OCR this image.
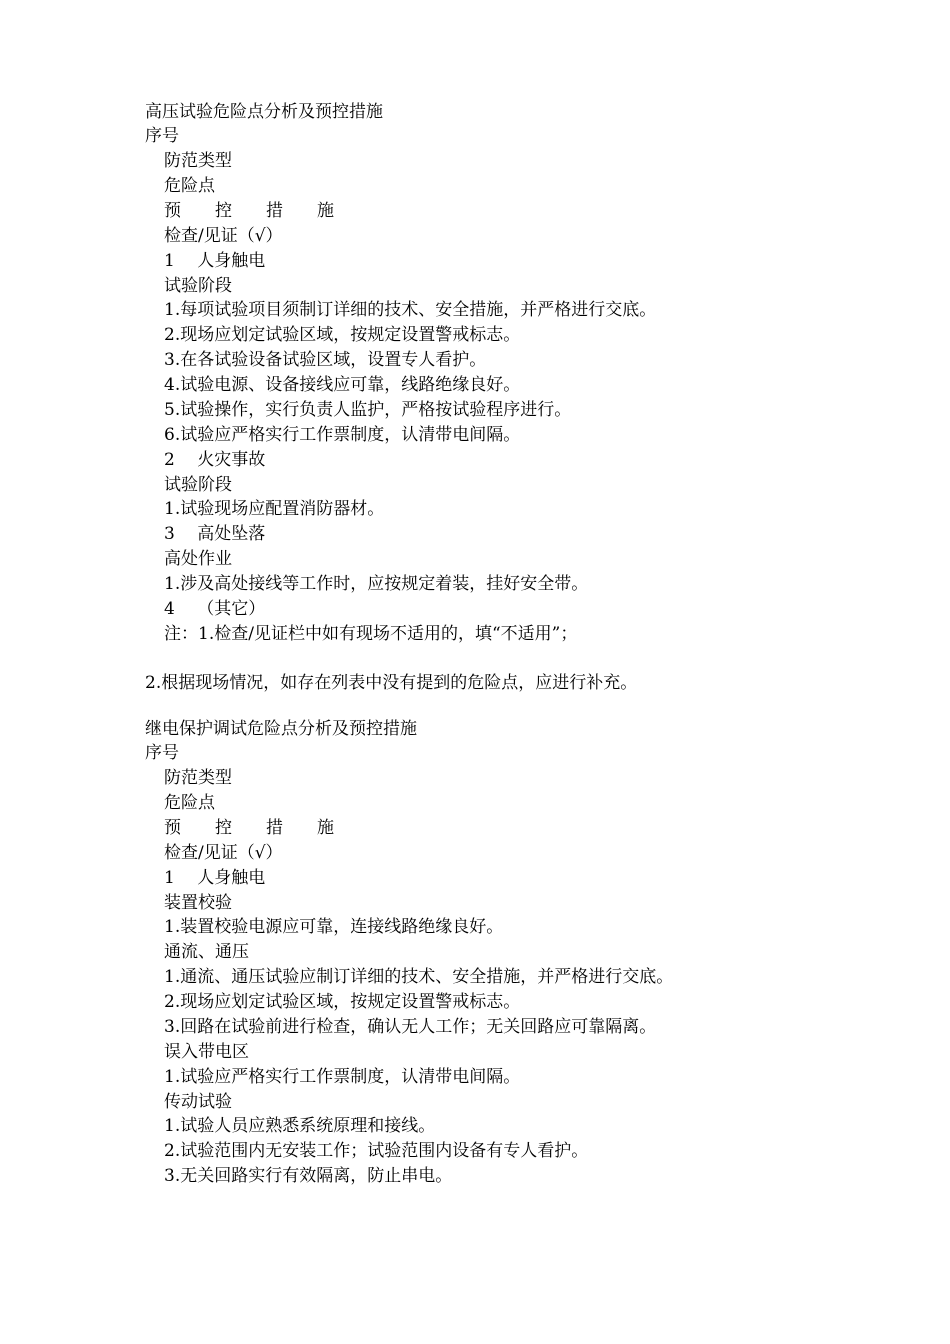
高压试验危险点分析及预控措施
序号
防范类型
危险点
预　　控　　措　　施
检查/见证（√）
1　 人身触电
试验阶段
1.每项试验项目须制订详细的技术、安全措施，并严格进行交底。
2.现场应划定试验区域，按规定设置警戒标志。
3.在各试验设备试验区域，设置专人看护。
4.试验电源、设备接线应可靠，线路绝缘良好。
5.试验操作，实行负责人监护，严格按试验程序进行。
6.试验应严格实行工作票制度，认清带电间隔。
2　 火灾事故
试验阶段
1.试验现场应配置消防器材。
3　 高处坠落
高处作业
1.涉及高处接线等工作时，应按规定着装，挂好安全带。
4　 （其它）
注：1.检查/见证栏中如有现场不适用的，填“不适用”；
2.根据现场情况，如存在列表中没有提到的危险点，应进行补充。
继电保护调试危险点分析及预控措施
序号
防范类型
危险点
预　　控　　措　　施
检查/见证（√）
1　 人身触电
装置校验
1.装置校验电源应可靠，连接线路绝缘良好。
通流、通压
1.通流、通压试验应制订详细的技术、安全措施，并严格进行交底。
2.现场应划定试验区域，按规定设置警戒标志。
3.回路在试验前进行检查，确认无人工作；无关回路应可靠隔离。
误入带电区
1.试验应严格实行工作票制度，认清带电间隔。
传动试验
1.试验人员应熟悉系统原理和接线。
2.试验范围内无安装工作；试验范围内设备有专人看护。
3.无关回路实行有效隔离，防止串电。
